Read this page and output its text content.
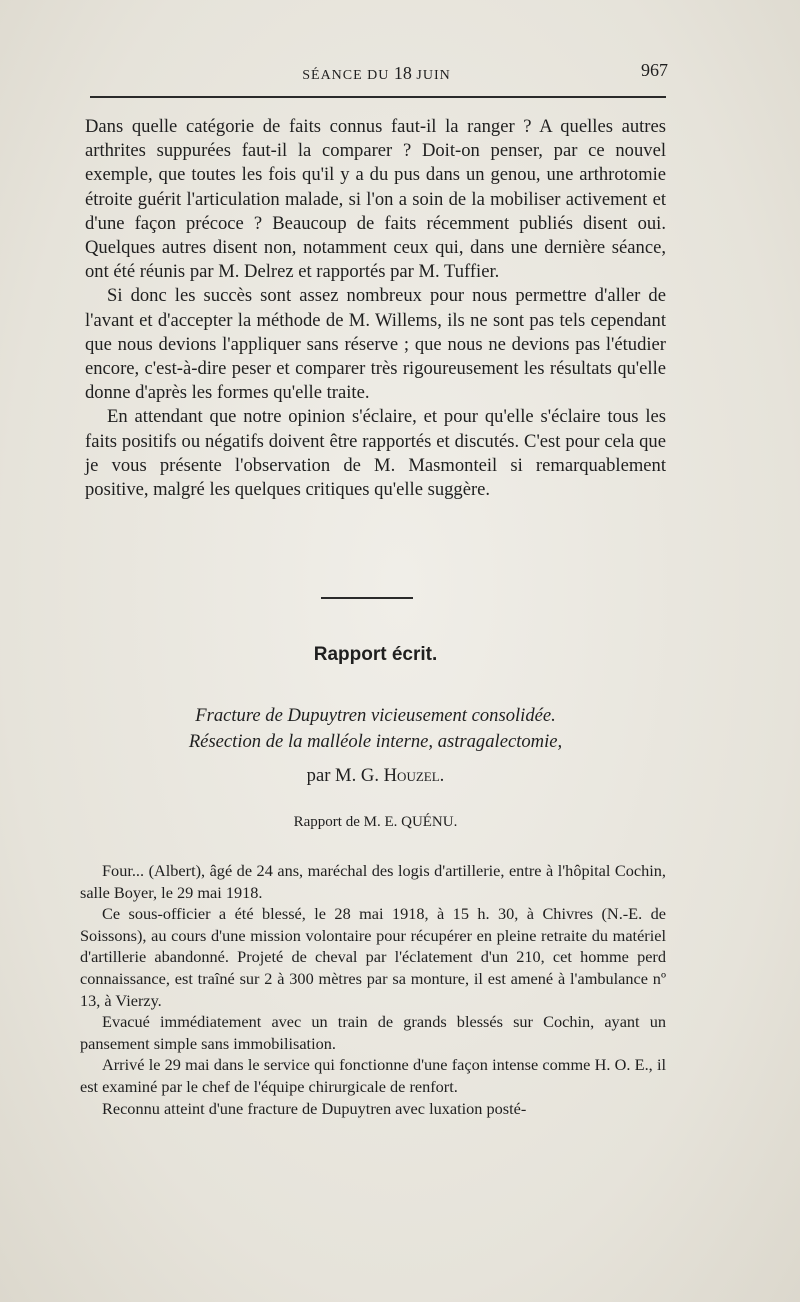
SÉANCE DU 18 JUIN	967

Dans quelle catégorie de faits connus faut-il la ranger ? A quelles autres arthrites suppurées faut-il la comparer ? Doit-on penser, par ce nouvel exemple, que toutes les fois qu'il y a du pus dans un genou, une arthrotomie étroite guérit l'articulation malade, si l'on a soin de la mobiliser activement et d'une façon précoce ? Beaucoup de faits récemment publiés disent oui. Quelques autres disent non, notamment ceux qui, dans une dernière séance, ont été réunis par M. Delrez et rapportés par M. Tuffier.

Si donc les succès sont assez nombreux pour nous permettre d'aller de l'avant et d'accepter la méthode de M. Willems, ils ne sont pas tels cependant que nous devions l'appliquer sans réserve ; que nous ne devions pas l'étudier encore, c'est-à-dire peser et comparer très rigoureusement les résultats qu'elle donne d'après les formes qu'elle traite.

En attendant que notre opinion s'éclaire, et pour qu'elle s'éclaire tous les faits positifs ou négatifs doivent être rapportés et discutés. C'est pour cela que je vous présente l'observation de M. Masmonteil si remarquablement positive, malgré les quelques critiques qu'elle suggère.

Rapport écrit.
Fracture de Dupuytren vicieusement consolidée.
Résection de la malléole interne, astragalectomie,
par M. G. Houzel.
Rapport de M. E. QUÉNU.

Four... (Albert), âgé de 24 ans, maréchal des logis d'artillerie, entre à l'hôpital Cochin, salle Boyer, le 29 mai 1918.

Ce sous-officier a été blessé, le 28 mai 1918, à 15 h. 30, à Chivres (N.-E. de Soissons), au cours d'une mission volontaire pour récupérer en pleine retraite du matériel d'artillerie abandonné. Projeté de cheval par l'éclatement d'un 210, cet homme perd connaissance, est traîné sur 2 à 300 mètres par sa monture, il est amené à l'ambulance nº 13, à Vierzy.

Evacué immédiatement avec un train de grands blessés sur Cochin, ayant un pansement simple sans immobilisation.

Arrivé le 29 mai dans le service qui fonctionne d'une façon intense comme H. O. E., il est examiné par le chef de l'équipe chirurgicale de renfort.

Reconnu atteint d'une fracture de Dupuytren avec luxation posté-
